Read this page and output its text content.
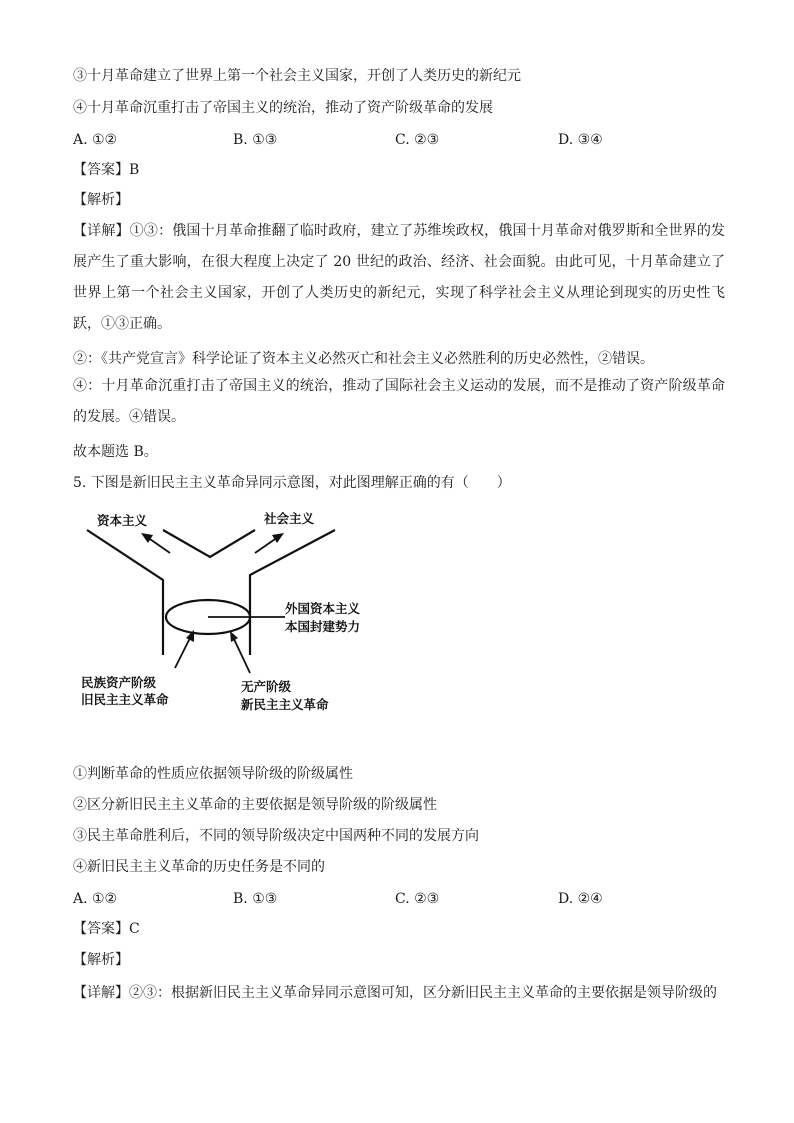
③十月革命建立了世界上第一个社会主义国家，开创了人类历史的新纪元
④十月革命沉重打击了帝国主义的统治，推动了资产阶级革命的发展
A. ①②	B. ①③	C. ②③	D. ③④
【答案】B
【解析】
【详解】①③：俄国十月革命推翻了临时政府，建立了苏维埃政权，俄国十月革命对俄罗斯和全世界的发展产生了重大影响，在很大程度上决定了 20 世纪的政治、经济、社会面貌。由此可见，十月革命建立了世界上第一个社会主义国家，开创了人类历史的新纪元，实现了科学社会主义从理论到现实的历史性飞跃，①③正确。
②：《共产党宣言》科学论证了资本主义必然灭亡和社会主义必然胜利的历史必然性，②错误。
④：十月革命沉重打击了帝国主义的统治，推动了国际社会主义运动的发展，而不是推动了资产阶级革命的发展。④错误。
故本题选 B。
5. 下图是新旧民主主义革命异同示意图，对此图理解正确的有（　　）
资本主义	社会主义
外国资本主义
本国封建势力
民族资产阶级
旧民主主义革命
无产阶级
新民主主义革命
①判断革命的性质应依据领导阶级的阶级属性
②区分新旧民主主义革命的主要依据是领导阶级的阶级属性
③民主革命胜利后，不同的领导阶级决定中国两种不同的发展方向
④新旧民主主义革命的历史任务是不同的
A. ①②	B. ①③	C. ②③	D. ②④
【答案】C
【解析】
【详解】②③：根据新旧民主主义革命异同示意图可知，区分新旧民主主义革命的主要依据是领导阶级的
